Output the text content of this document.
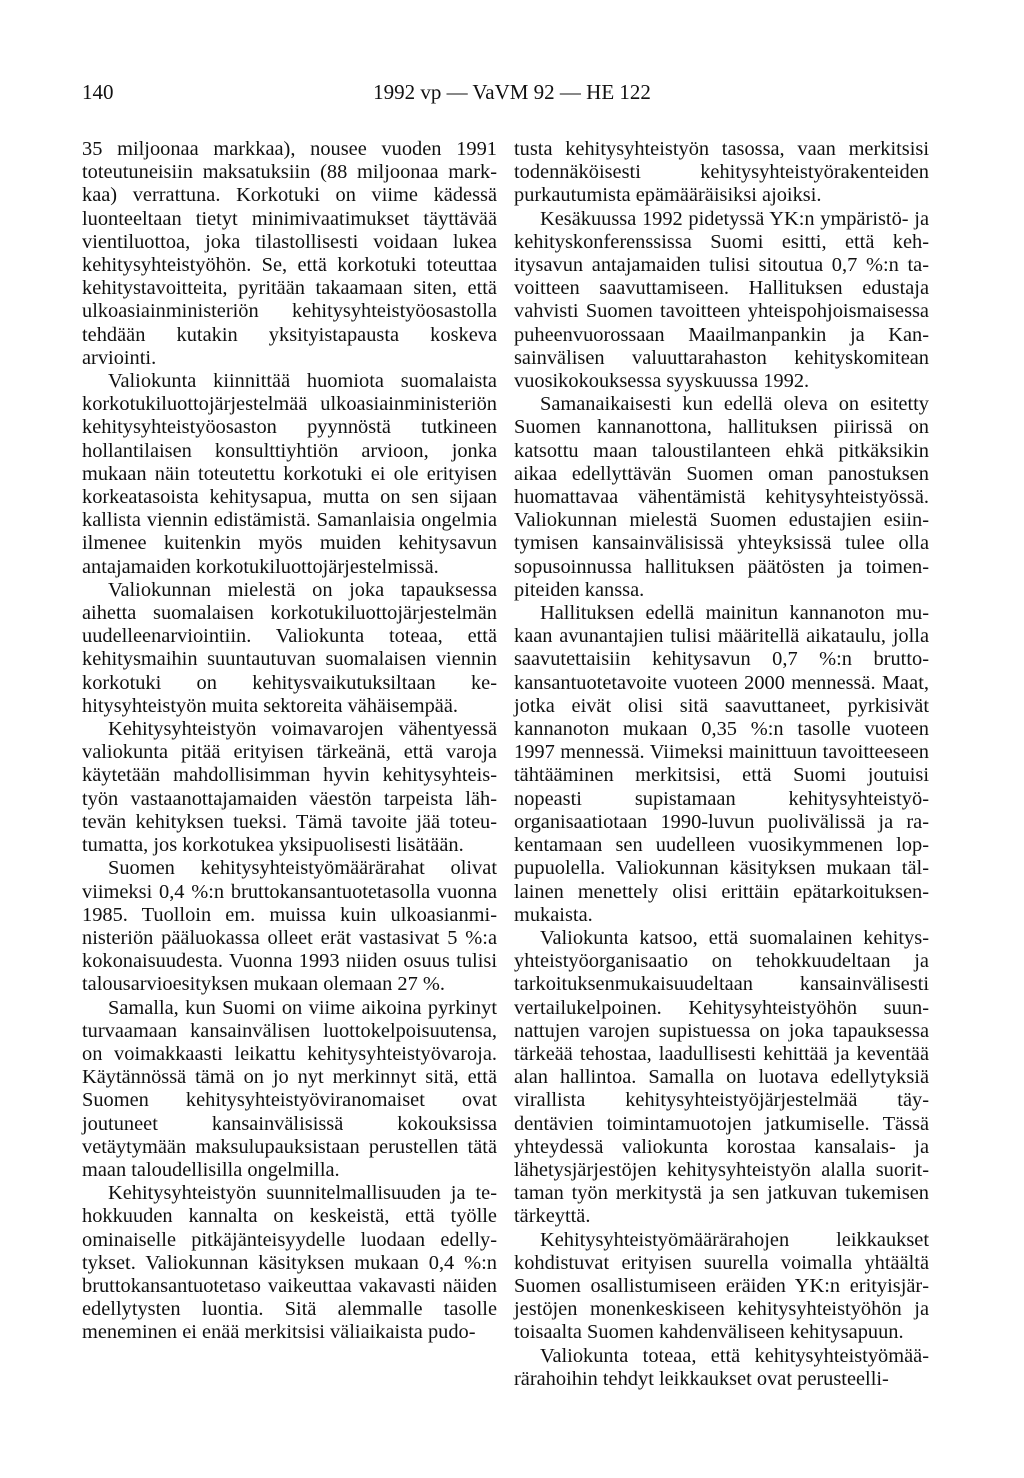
140	1992 vp — VaVM 92 — HE 122

35 miljoonaa markkaa), nousee vuoden 1991 toteutuneisiin maksatuksiin (88 miljoonaa markkaa) verrattuna. Korkotuki on viime kädessä luonteeltaan tietyt minimivaatimukset täyttävää vientiluottoa, joka tilastollisesti voidaan lukea kehitysyhteistyöhön. Se, että korkotuki toteuttaa kehitystavoitteita, pyritään takaamaan siten, että ulkoasiainministeriön kehitysyhteistyöosastolla tehdään kutakin yksityistapausta koskeva arviointi.

Valiokunta kiinnittää huomiota suomalaista korkotukiluottojärjestelmää ulkoasiainministeriön kehitysyhteistyöosaston pyynnöstä tutkineen hollantilaisen konsulttiyhtiön arvioon, jonka mukaan näin toteutettu korkotuki ei ole erityisen korkeatasoista kehitysapua, mutta on sen sijaan kallista viennin edistämistä. Samanlaisia ongelmia ilmenee kuitenkin myös muiden kehitysavun antajamaiden korkotukiluottojärjestelmissä.

Valiokunnan mielestä on joka tapauksessa aihetta suomalaisen korkotukiluottojärjestelmän uudelleenarviointiin. Valiokunta toteaa, että kehitysmaihin suuntautuvan suomalaisen viennin korkotuki on kehitysvaikutuksiltaan kehitysyhteistyön muita sektoreita vähäisempää.

Kehitysyhteistyön voimavarojen vähentyessä valiokunta pitää erityisen tärkeänä, että varoja käytetään mahdollisimman hyvin kehitysyhteistyön vastaanottajamaiden väestön tarpeista lähtevän kehityksen tueksi. Tämä tavoite jää toteutumatta, jos korkotukea yksipuolisesti lisätään.

Suomen kehitysyhteistyömäärärahat olivat viimeksi 0,4 %:n bruttokansantuotetasolla vuonna 1985. Tuolloin em. muissa kuin ulkoasianministeriön pääluokassa olleet erät vastasivat 5 %:a kokonaisuudesta. Vuonna 1993 niiden osuus tulisi talousarvioesityksen mukaan olemaan 27 %.

Samalla, kun Suomi on viime aikoina pyrkinyt turvaamaan kansainvälisen luottokelpoisuutensa, on voimakkaasti leikattu kehitysyhteistyövaroja. Käytännössä tämä on jo nyt merkinnyt sitä, että Suomen kehitysyhteistyöviranomaiset ovat joutuneet kansainvälisissä kokouksissa vetäytymään maksulupauksistaan perustellen tätä maan taloudellisilla ongelmilla.

Kehitysyhteistyön suunnitelmallisuuden ja tehokkuuden kannalta on keskeistä, että työlle ominaiselle pitkäjänteisyydelle luodaan edellytykset. Valiokunnan käsityksen mukaan 0,4 %:n bruttokansantuotetaso vaikeuttaa vakavasti näiden edellytysten luontia. Sitä alemmalle tasolle meneminen ei enää merkitsisi väliaikaista pudo-

tusta kehitysyhteistyön tasossa, vaan merkitsisi todennäköisesti kehitysyhteistyörakenteiden purkautumista epämääräisiksi ajoiksi.

Kesäkuussa 1992 pidetyssä YK:n ympäristö- ja kehityskonferenssissa Suomi esitti, että kehitysavun antajamaiden tulisi sitoutua 0,7 %:n tavoitteen saavuttamiseen. Hallituksen edustaja vahvisti Suomen tavoitteen yhteispohjoismaisessa puheenvuorossaan Maailmanpankin ja Kansainvälisen valuuttarahaston kehityskomitean vuosikokouksessa syyskuussa 1992.

Samanaikaisesti kun edellä oleva on esitetty Suomen kannanottona, hallituksen piirissä on katsottu maan taloustilanteen ehkä pitkäksikin aikaa edellyttävän Suomen oman panostuksen huomattavaa vähentämistä kehitysyhteistyössä. Valiokunnan mielestä Suomen edustajien esiintymisen kansainvälisissä yhteyksissä tulee olla sopusoinnussa hallituksen päätösten ja toimenpiteiden kanssa.

Hallituksen edellä mainitun kannanoton mukaan avunantajien tulisi määritellä aikataulu, jolla saavutettaisiin kehitysavun 0,7 %:n bruttokansantuotetavoite vuoteen 2000 mennessä. Maat, jotka eivät olisi sitä saavuttaneet, pyrkisivät kannanoton mukaan 0,35 %:n tasolle vuoteen 1997 mennessä. Viimeksi mainittuun tavoitteeseen tähtääminen merkitsisi, että Suomi joutuisi nopeasti supistamaan kehitysyhteistyöorganisaatiotaan 1990-luvun puolivälissä ja rakentamaan sen uudelleen vuosikymmenen loppupuolella. Valiokunnan käsityksen mukaan tällainen menettely olisi erittäin epätarkoituksenmukaista.

Valiokunta katsoo, että suomalainen kehitysyhteistyöorganisaatio on tehokkuudeltaan ja tarkoituksenmukaisuudeltaan kansainvälisesti vertailukelpoinen. Kehitysyhteistyöhön suunnattujen varojen supistuessa on joka tapauksessa tärkeää tehostaa, laadullisesti kehittää ja keventää alan hallintoa. Samalla on luotava edellytyksiä virallista kehitysyhteistyöjärjestelmää täydentävien toimintamuotojen jatkumiselle. Tässä yhteydessä valiokunta korostaa kansalais- ja lähetysjärjestöjen kehitysyhteistyön alalla suorittaman työn merkitystä ja sen jatkuvan tukemisen tärkeyttä.

Kehitysyhteistyömäärärahojen leikkaukset kohdistuvat erityisen suurella voimalla yhtäältä Suomen osallistumiseen eräiden YK:n erityisjärjestöjen monenkeskiseen kehitysyhteistyöhön ja toisaalta Suomen kahdenväliseen kehitysapuun.

Valiokunta toteaa, että kehitysyhteistyömäärärahoihin tehdyt leikkaukset ovat perusteelli-
